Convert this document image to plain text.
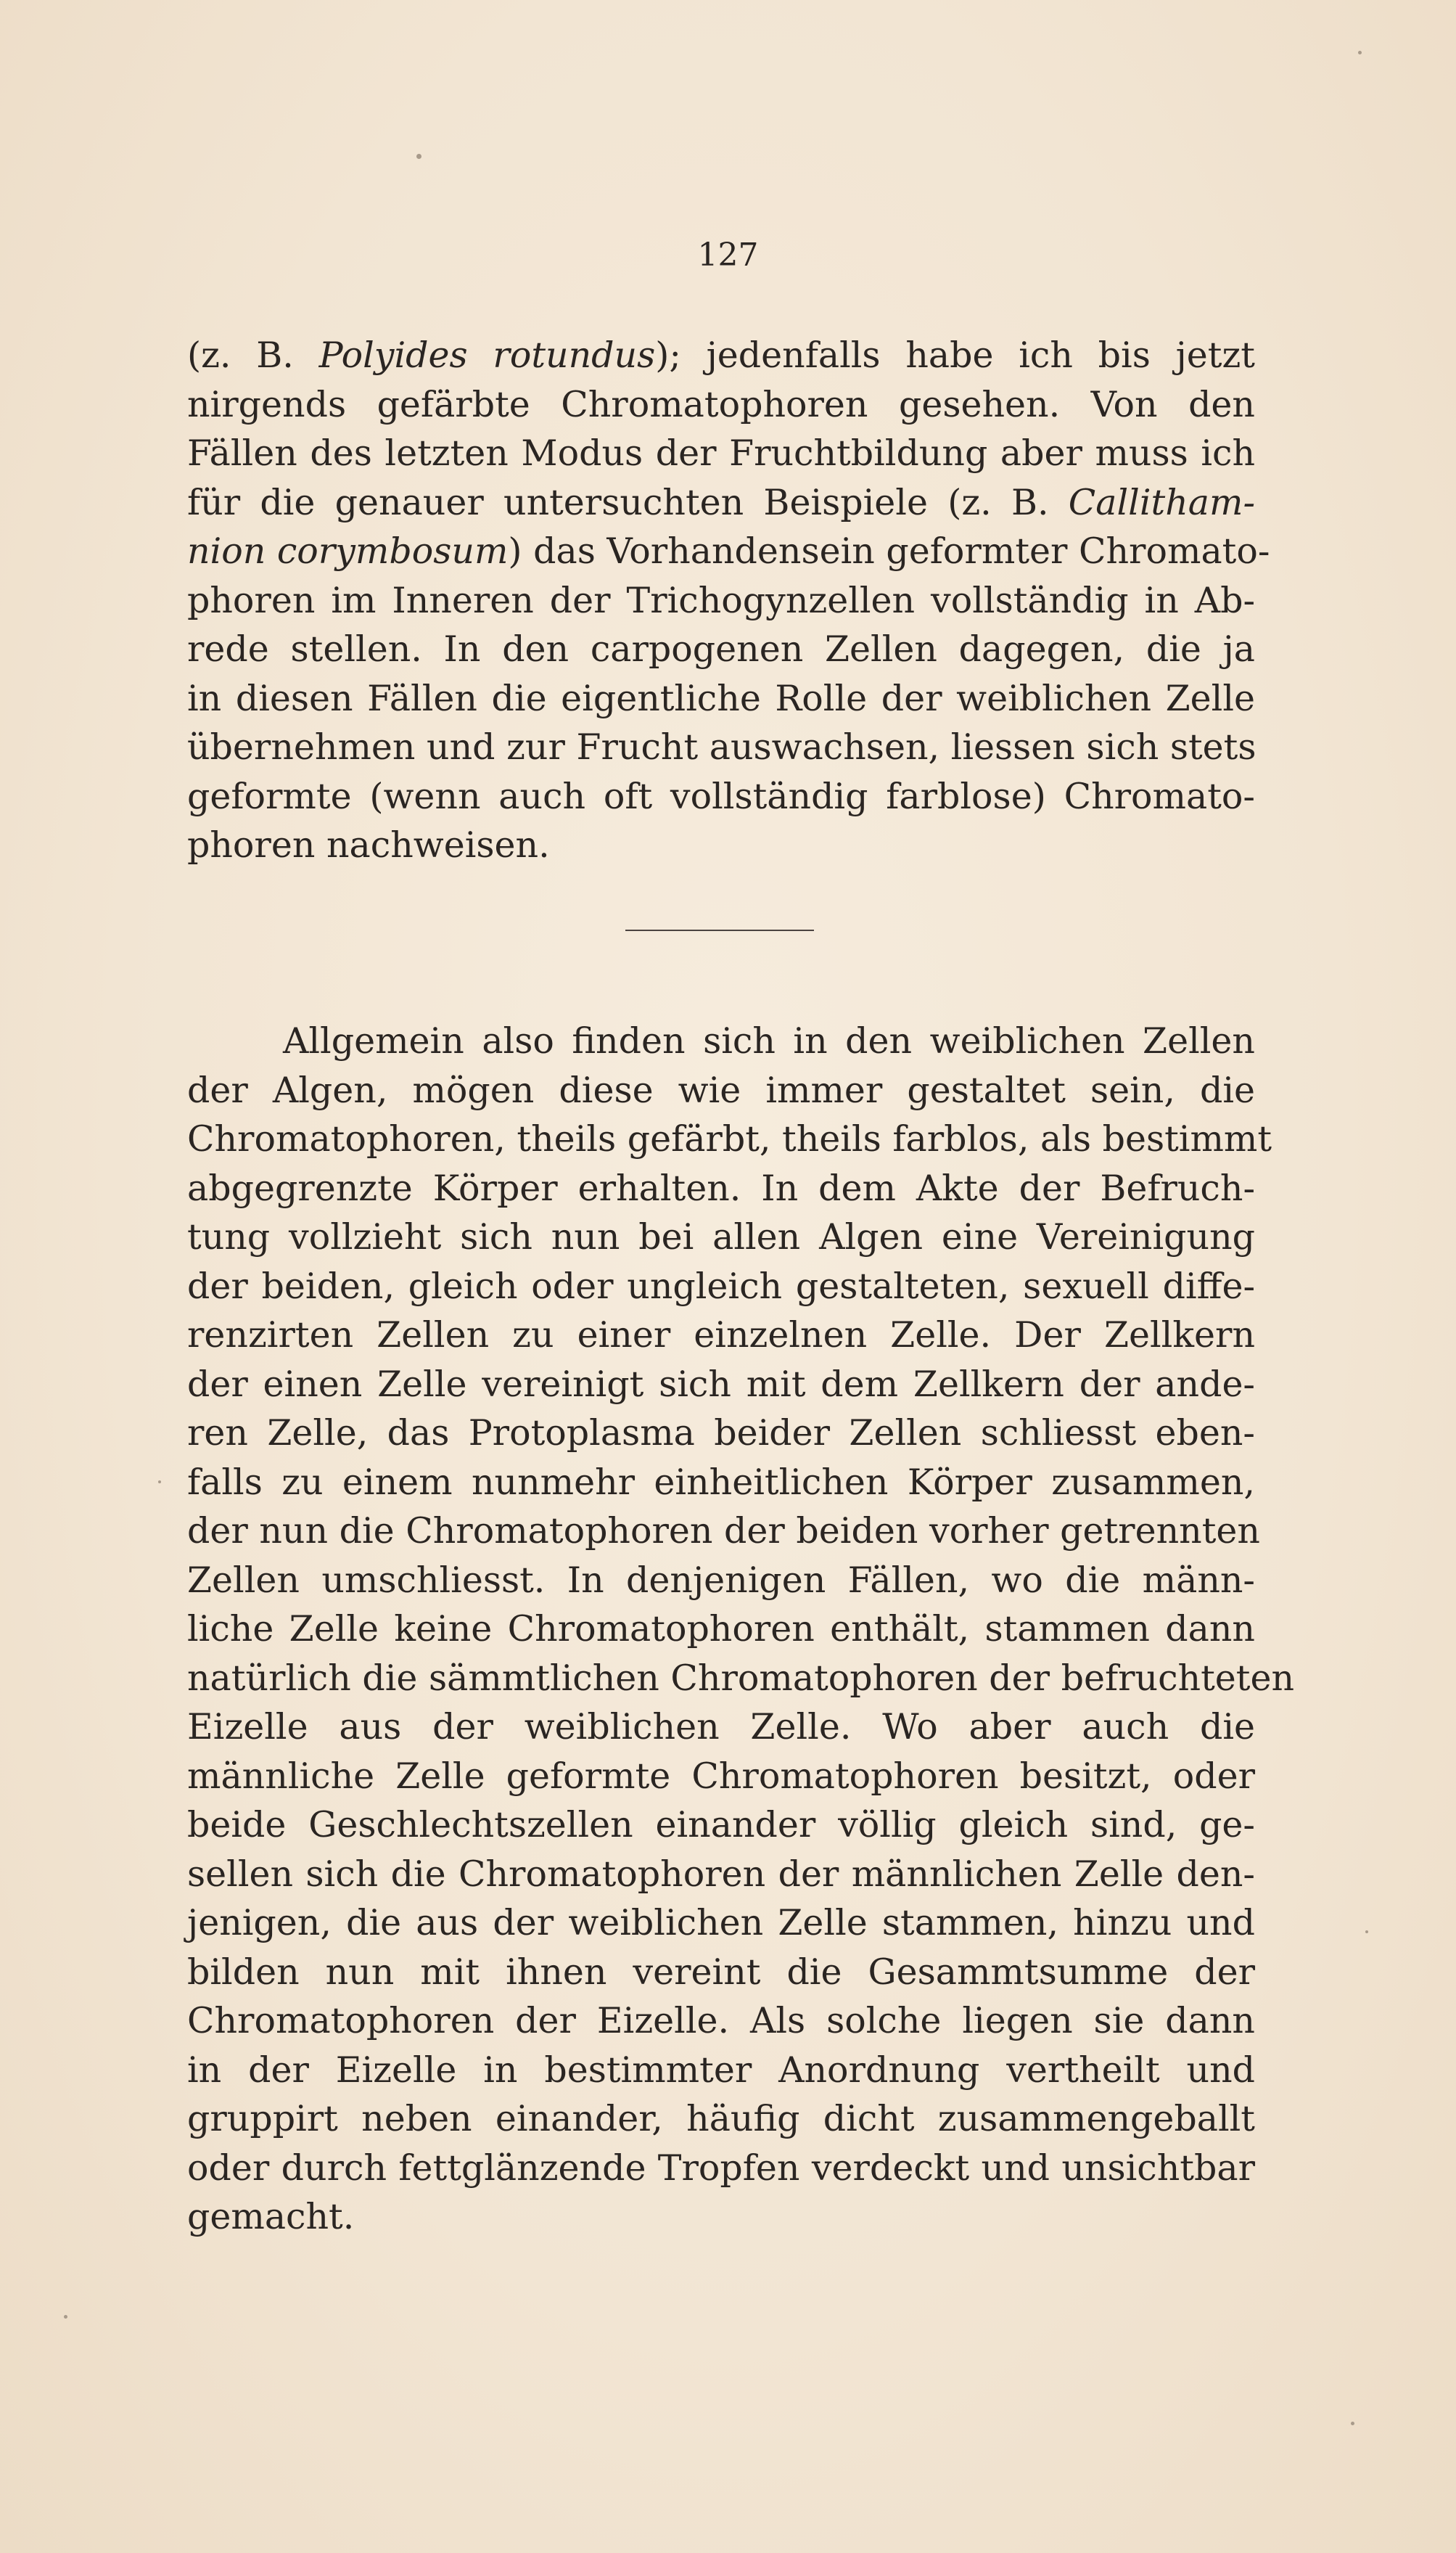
127
(z. B. Polyides rotundus); jedenfalls habe ich bis jetzt
nirgends gefärbte Chromatophoren gesehen. Von den
Fällen des letzten Modus der Fruchtbildung aber muss ich
für die genauer untersuchten Beispiele (z. B. Callitham-
nion corymbosum) das Vorhandensein geformter Chromato-
phoren im Inneren der Trichogynzellen vollständig in Ab-
rede stellen. In den carpogenen Zellen dagegen, die ja
in diesen Fällen die eigentliche Rolle der weiblichen Zelle
übernehmen und zur Frucht auswachsen, liessen sich stets
geformte (wenn auch oft vollständig farblose) Chromato-
phoren nachweisen.
Allgemein also finden sich in den weiblichen Zellen
der Algen, mögen diese wie immer gestaltet sein, die
Chromatophoren, theils gefärbt, theils farblos, als bestimmt
abgegrenzte Körper erhalten. In dem Akte der Befruch-
tung vollzieht sich nun bei allen Algen eine Vereinigung
der beiden, gleich oder ungleich gestalteten, sexuell diffe-
renzirten Zellen zu einer einzelnen Zelle. Der Zellkern
der einen Zelle vereinigt sich mit dem Zellkern der ande-
ren Zelle, das Protoplasma beider Zellen schliesst eben-
falls zu einem nunmehr einheitlichen Körper zusammen,
der nun die Chromatophoren der beiden vorher getrennten
Zellen umschliesst. In denjenigen Fällen, wo die männ-
liche Zelle keine Chromatophoren enthält, stammen dann
natürlich die sämmtlichen Chromatophoren der befruchteten
Eizelle aus der weiblichen Zelle. Wo aber auch die
männliche Zelle geformte Chromatophoren besitzt, oder
beide Geschlechtszellen einander völlig gleich sind, ge-
sellen sich die Chromatophoren der männlichen Zelle den-
jenigen, die aus der weiblichen Zelle stammen, hinzu und
bilden nun mit ihnen vereint die Gesammtsumme der
Chromatophoren der Eizelle. Als solche liegen sie dann
in der Eizelle in bestimmter Anordnung vertheilt und
gruppirt neben einander, häufig dicht zusammengeballt
oder durch fettglänzende Tropfen verdeckt und unsichtbar
gemacht.
